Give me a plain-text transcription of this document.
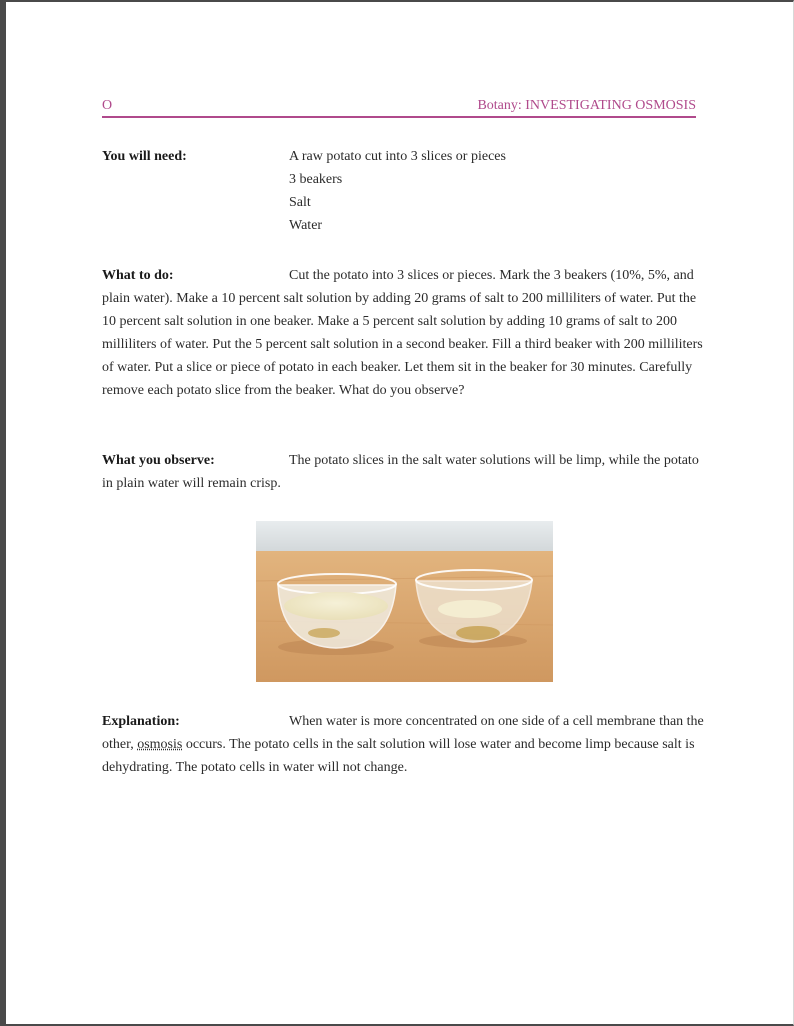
O	Botany: INVESTIGATING OSMOSIS
You will need:	A raw potato cut into 3 slices or pieces
3 beakers
Salt
Water
What to do:	Cut the potato into 3 slices or pieces. Mark the 3 beakers (10%, 5%, and plain water). Make a 10 percent salt solution by adding 20 grams of salt to 200 milliliters of water. Put the 10 percent salt solution in one beaker. Make a 5 percent salt solution by adding 10 grams of salt to 200 milliliters of water. Put the 5 percent salt solution in a second beaker. Fill a third beaker with 200 milliliters of water. Put a slice or piece of potato in each beaker. Let them sit in the beaker for 30 minutes. Carefully remove each potato slice from the beaker. What do you observe?
What you observe:	The potato slices in the salt water solutions will be limp, while the potato in plain water will remain crisp.
Explanation:	When water is more concentrated on one side of a cell membrane than the other, osmosis occurs. The potato cells in the salt solution will lose water and become limp because salt is dehydrating. The potato cells in water will not change.
